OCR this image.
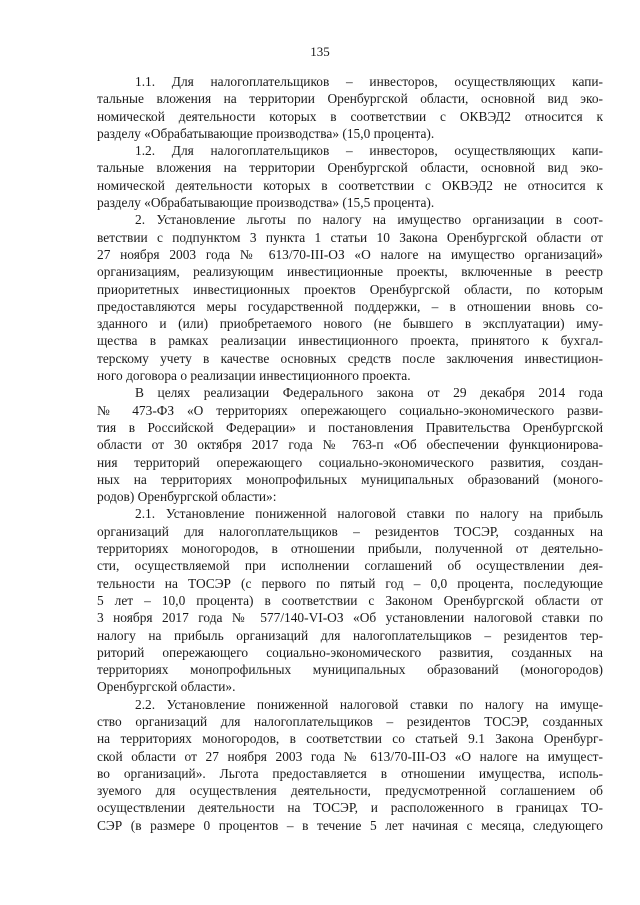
135
1.1. Для налогоплательщиков – инвесторов, осуществляющих капи-
тальные вложения на территории Оренбургской области, основной вид эко-
номической деятельности которых в соответствии с ОКВЭД2 относится к
разделу «Обрабатывающие производства» (15,0 процента).
1.2. Для налогоплательщиков – инвесторов, осуществляющих капи-
тальные вложения на территории Оренбургской области, основной вид эко-
номической деятельности которых в соответствии с ОКВЭД2 не относится к
разделу «Обрабатывающие производства» (15,5 процента).
2. Установление льготы по налогу на имущество организации в соот-
ветствии с подпунктом 3 пункта 1 статьи 10 Закона Оренбургской области от
27 ноября 2003 года № 613/70-III-ОЗ «О налоге на имущество организаций»
организациям, реализующим инвестиционные проекты, включенные в реестр
приоритетных инвестиционных проектов Оренбургской области, по которым
предоставляются меры государственной поддержки, – в отношении вновь со-
зданного и (или) приобретаемого нового (не бывшего в эксплуатации) иму-
щества в рамках реализации инвестиционного проекта, принятого к бухгал-
терскому учету в качестве основных средств после заключения инвестицион-
ного договора о реализации инвестиционного проекта.
В целях реализации Федерального закона от 29 декабря 2014 года
№ 473-ФЗ «О территориях опережающего социально-экономического разви-
тия в Российской Федерации» и постановления Правительства Оренбургской
области от 30 октября 2017 года № 763-п «Об обеспечении функционирова-
ния территорий опережающего социально-экономического развития, создан-
ных на территориях монопрофильных муниципальных образований (моного-
родов) Оренбургской области»:
2.1. Установление пониженной налоговой ставки по налогу на прибыль
организаций для налогоплательщиков – резидентов ТОСЭР, созданных на
территориях моногородов, в отношении прибыли, полученной от деятельно-
сти, осуществляемой при исполнении соглашений об осуществлении дея-
тельности на ТОСЭР (с первого по пятый год – 0,0 процента, последующие
5 лет – 10,0 процента) в соответствии с Законом Оренбургской области от
3 ноября 2017 года № 577/140-VI-ОЗ «Об установлении налоговой ставки по
налогу на прибыль организаций для налогоплательщиков – резидентов тер-
риторий опережающего социально-экономического развития, созданных на
территориях монопрофильных муниципальных образований (моногородов)
Оренбургской области».
2.2. Установление пониженной налоговой ставки по налогу на имуще-
ство организаций для налогоплательщиков – резидентов ТОСЭР, созданных
на территориях моногородов, в соответствии со статьей 9.1 Закона Оренбург-
ской области от 27 ноября 2003 года № 613/70-III-ОЗ «О налоге на имущест-
во организаций». Льгота предоставляется в отношении имущества, исполь-
зуемого для осуществления деятельности, предусмотренной соглашением об
осуществлении деятельности на ТОСЭР, и расположенного в границах ТО-
СЭР (в размере 0 процентов – в течение 5 лет начиная с месяца, следующего
